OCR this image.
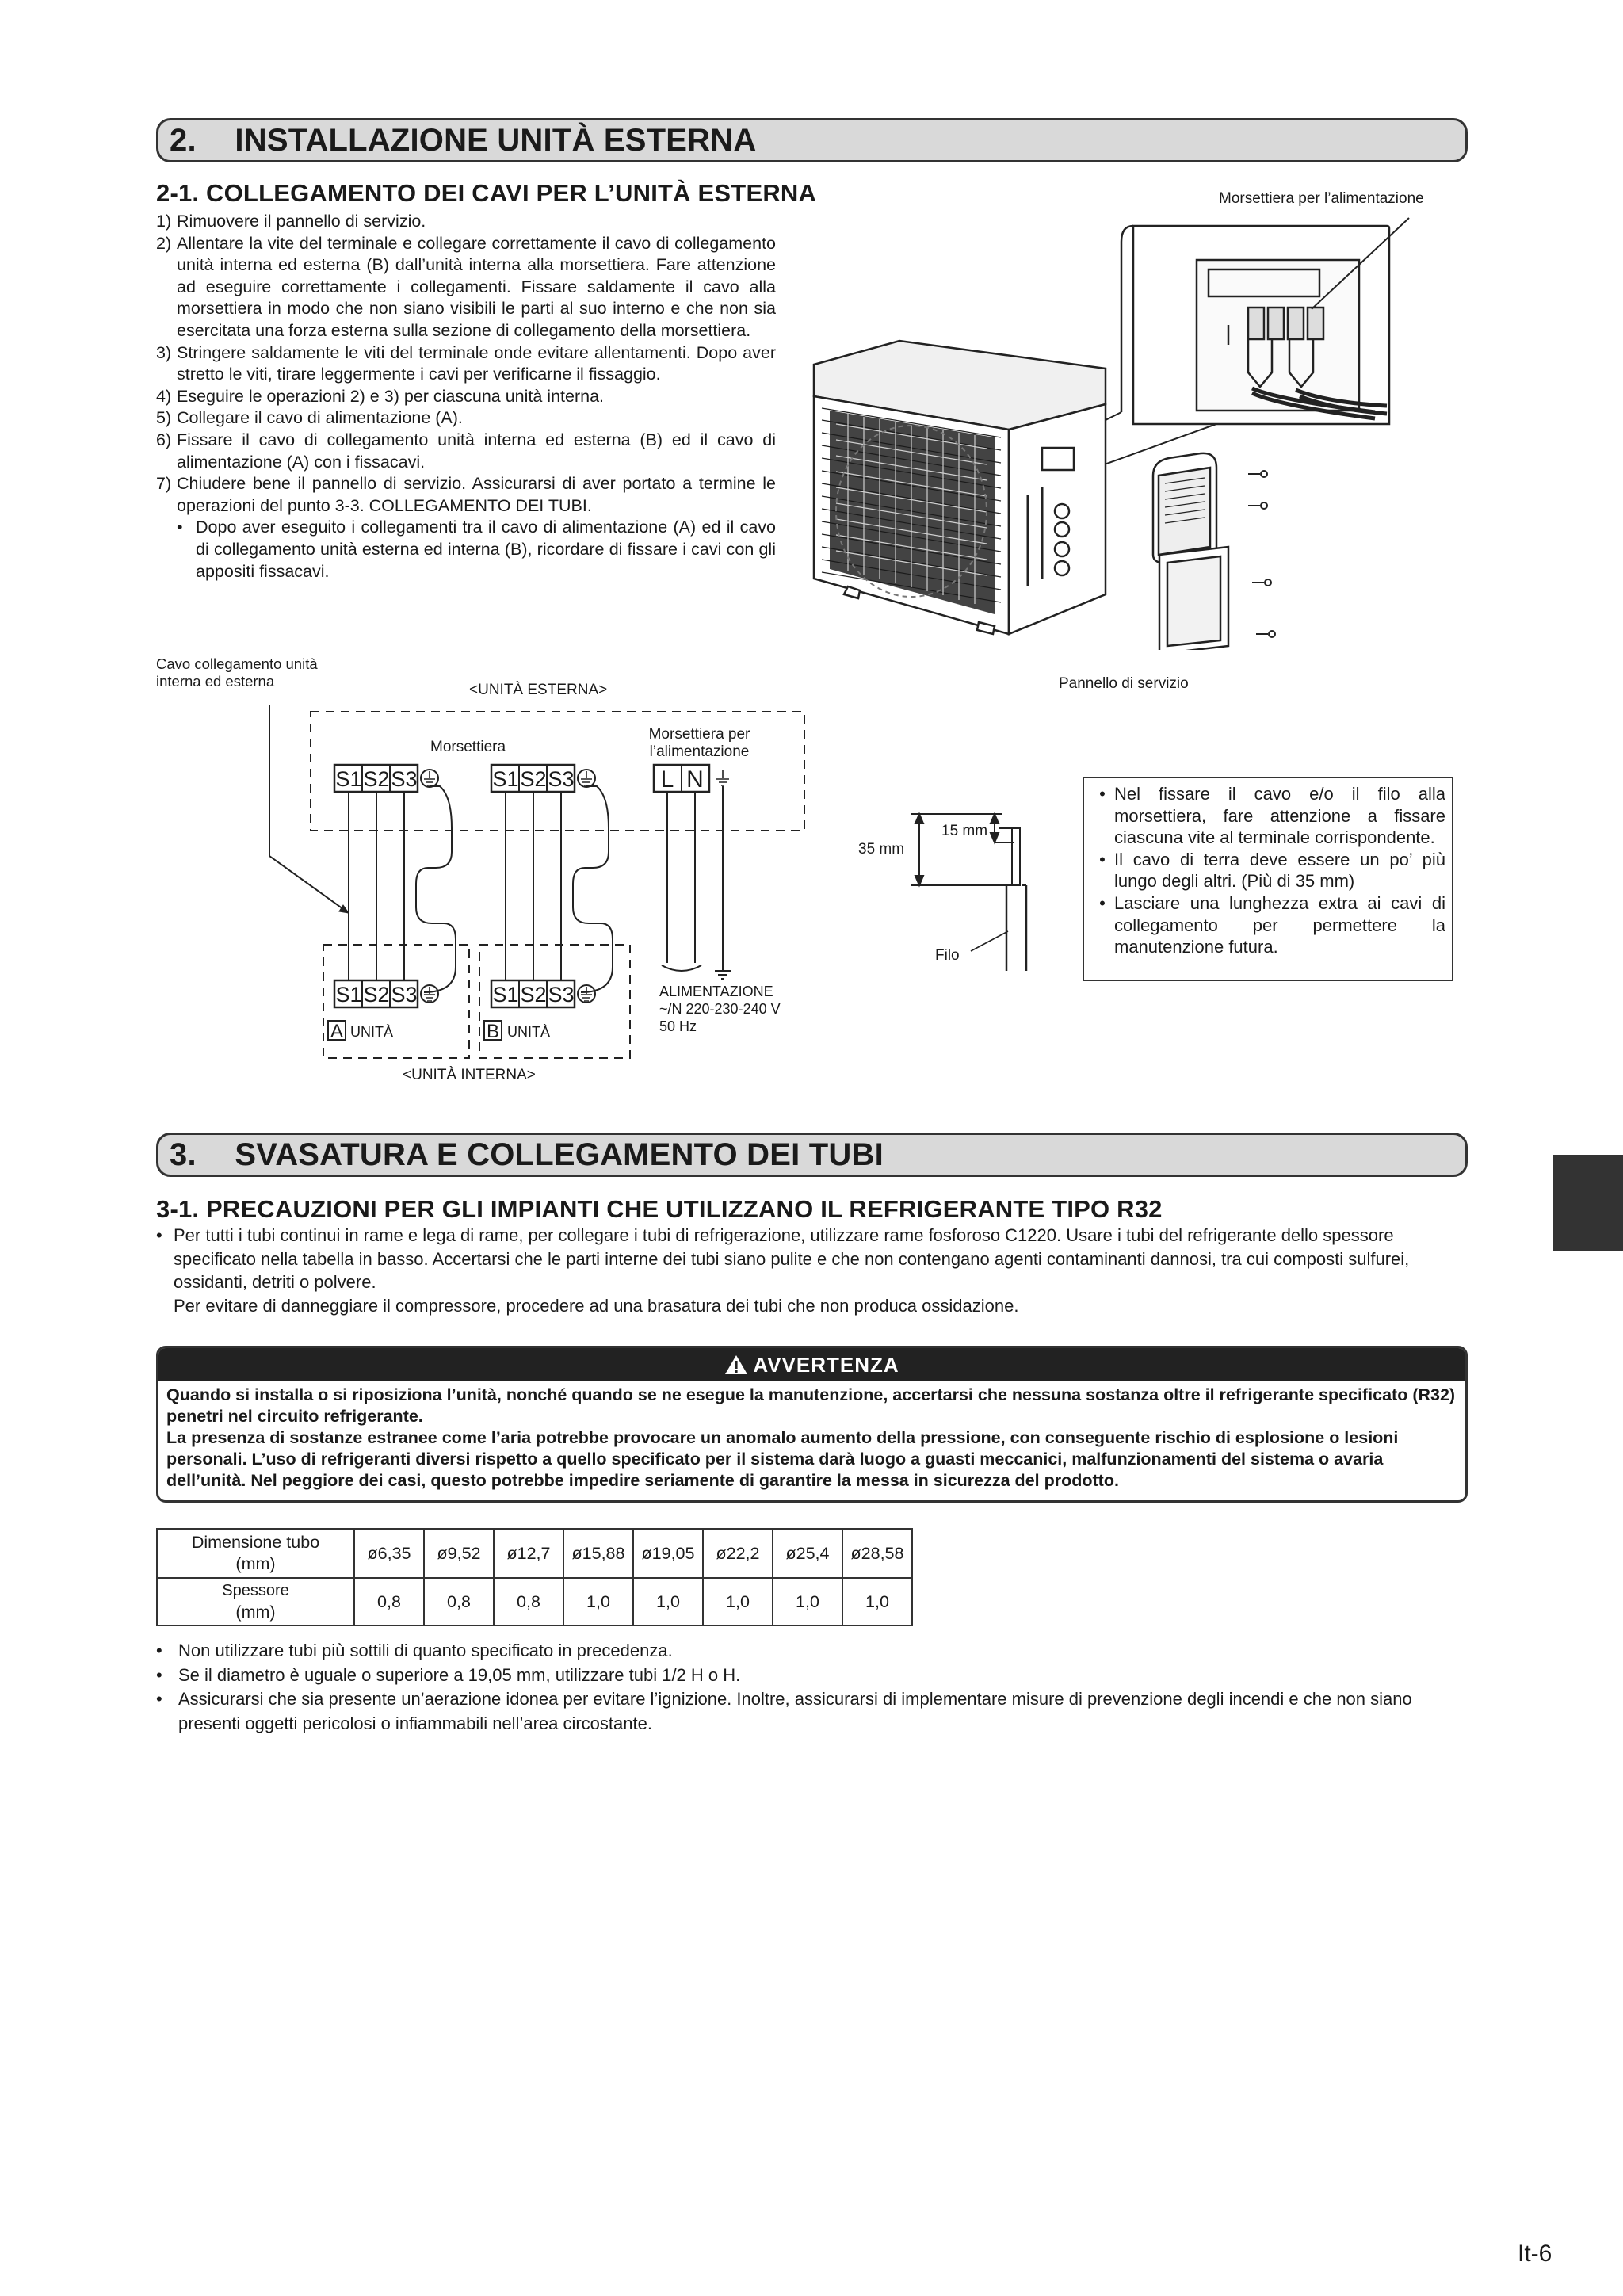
2. INSTALLAZIONE UNITÀ ESTERNA
2-1. COLLEGAMENTO DEI CAVI PER L’UNITÀ ESTERNA
1) Rimuovere il pannello di servizio.
2) Allentare la vite del terminale e collegare correttamente il cavo di collegamento unità interna ed esterna (B) dall’unità interna alla morsettiera. Fare attenzione ad eseguire correttamente i collegamenti. Fissare saldamente il cavo alla morsettiera in modo che non siano visibili le parti al suo interno e che non sia esercitata una forza esterna sulla sezione di collegamento della morsettiera.
3) Stringere saldamente le viti del terminale onde evitare allentamenti. Dopo aver stretto le viti, tirare leggermente i cavi per verificarne il fissaggio.
4) Eseguire le operazioni 2) e 3) per ciascuna unità interna.
5) Collegare il cavo di alimentazione (A).
6) Fissare il cavo di collegamento unità interna ed esterna (B) ed il cavo di alimentazione (A) con i fissacavi.
7) Chiudere bene il pannello di servizio. Assicurarsi di aver portato a termine le operazioni del punto 3-3. COLLEGAMENTO DEI TUBI.
• Dopo aver eseguito i collegamenti tra il cavo di alimentazione (A) ed il cavo di collegamento unità esterna ed interna (B), ricordare di fissare i cavi con gli appositi fissacavi.
Morsettiera per l’alimentazione
Pannello di servizio
Cavo collegamento unità interna ed esterna
<UNITÀ ESTERNA>
Morsettiera
Morsettiera per l’alimentazione
S1 S2 S3	S1 S2 S3	L N
S1 S2 S3	S1 S2 S3
A	B
UNITÀ	UNITÀ
ALIMENTAZIONE
~/N 220-230-240 V
50 Hz
<UNITÀ INTERNA>
35 mm
15 mm
Filo
• Nel fissare il cavo e/o il filo alla morsettiera, fare attenzione a fissare ciascuna vite al terminale corrispondente.
• Il cavo di terra deve essere un po’ più lungo degli altri. (Più di 35 mm)
• Lasciare una lunghezza extra ai cavi di collegamento per permettere la manutenzione futura.
3. SVASATURA E COLLEGAMENTO DEI TUBI
3-1. PRECAUZIONI PER GLI IMPIANTI CHE UTILIZZANO IL REFRIGERANTE TIPO R32
• Per tutti i tubi continui in rame e lega di rame, per collegare i tubi di refrigerazione, utilizzare rame fosforoso C1220. Usare i tubi del refrigerante dello spessore specificato nella tabella in basso. Accertarsi che le parti interne dei tubi siano pulite e che non contengano agenti contaminanti dannosi, tra cui composti sulfurei, ossidanti, detriti o polvere.
Per evitare di danneggiare il compressore, procedere ad una brasatura dei tubi che non produca ossidazione.
AVVERTENZA
Quando si installa o si riposiziona l’unità, nonché quando se ne esegue la manutenzione, accertarsi che nessuna sostanza oltre il refrigerante specificato (R32) penetri nel circuito refrigerante.
La presenza di sostanze estranee come l’aria potrebbe provocare un anomalo aumento della pressione, con conseguente rischio di esplosione o lesioni personali. L’uso di refrigeranti diversi rispetto a quello specificato per il sistema darà luogo a guasti meccanici, malfunzionamenti del sistema o avaria dell’unità. Nel peggiore dei casi, questo potrebbe impedire seriamente di garantire la messa in sicurezza del prodotto.
Dimensione tubo
(mm)	ø6,35	ø9,52	ø12,7	ø15,88	ø19,05	ø22,2	ø25,4	ø28,58

Spessore
(mm)	0,8	0,8	0,8	1,0	1,0	1,0	1,0	1,0
• Non utilizzare tubi più sottili di quanto specificato in precedenza.
• Se il diametro è uguale o superiore a 19,05 mm, utilizzare tubi 1/2 H o H.
• Assicurarsi che sia presente un’aerazione idonea per evitare l’ignizione. Inoltre, assicurarsi di implementare misure di prevenzione degli incendi e che non siano presenti oggetti pericolosi o infiammabili nell’area circostante.
It-6
